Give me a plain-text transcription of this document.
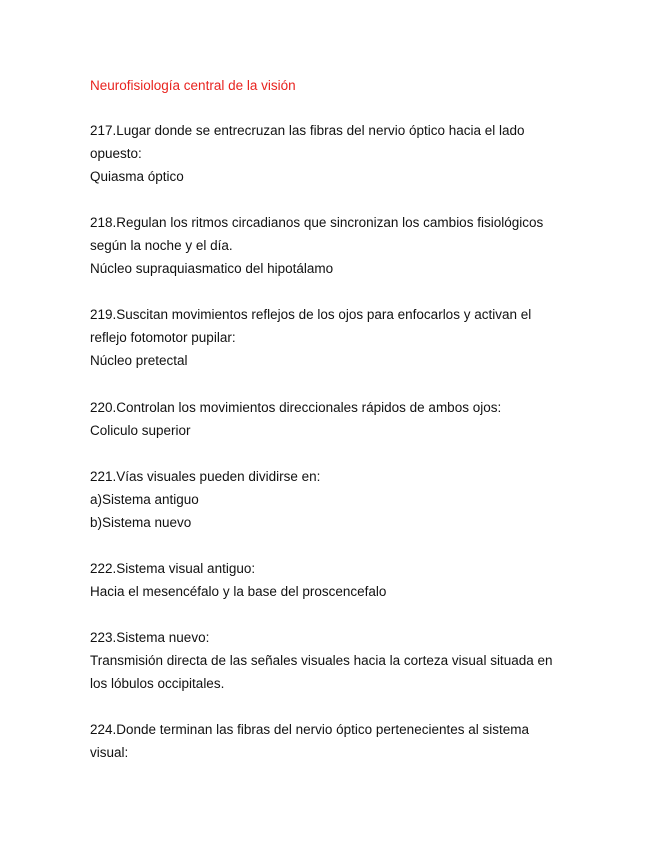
Neurofisiología central de la visión
217.Lugar donde se entrecruzan las fibras del nervio óptico hacia el lado
opuesto:
Quiasma óptico
218.Regulan los ritmos circadianos que sincronizan los cambios fisiológicos
según la noche y el día.
Núcleo supraquiasmatico del hipotálamo
219.Suscitan movimientos reflejos de los ojos para enfocarlos y activan el
reflejo fotomotor pupilar:
Núcleo pretectal
220.Controlan los movimientos direccionales rápidos de ambos ojos:
Coliculo superior
221.Vías visuales pueden dividirse en:
a)Sistema antiguo
b)Sistema nuevo
222.Sistema visual antiguo:
Hacia el mesencéfalo y la base del proscencefalo
223.Sistema nuevo:
Transmisión directa de las señales visuales hacia la corteza visual situada en
los lóbulos occipitales.
224.Donde terminan las fibras del nervio óptico pertenecientes al sistema
visual:
